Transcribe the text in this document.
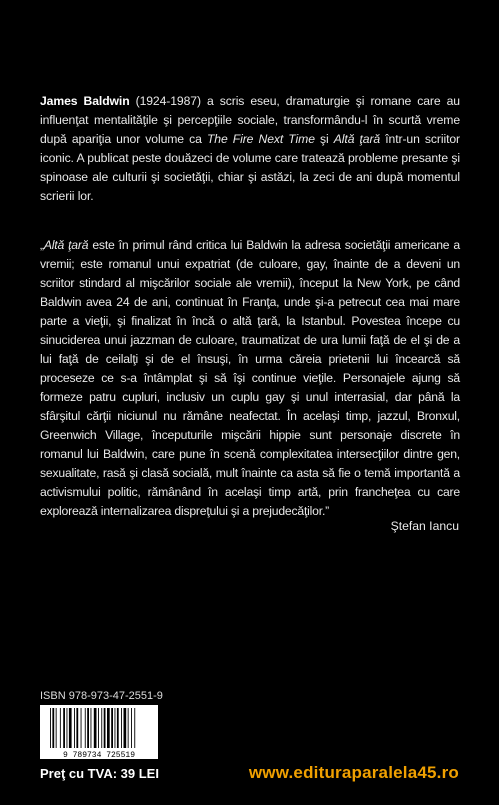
James Baldwin (1924-1987) a scris eseu, dramaturgie şi romane care au influenţat mentalităţile şi percepţiile sociale, transformându-l în scurtă vreme după apariţia unor volume ca The Fire Next Time şi Altă ţară într-un scriitor iconic. A publicat peste douăzeci de volume care tratează probleme presante şi spinoase ale culturii şi societăţii, chiar şi astăzi, la zeci de ani după momentul scrierii lor.
„Altă ţară este în primul rând critica lui Baldwin la adresa societăţii americane a vremii; este romanul unui expatriat (de culoare, gay, înainte de a deveni un scriitor stindard al mişcărilor sociale ale vremii), început la New York, pe când Baldwin avea 24 de ani, continuat în Franţa, unde şi-a petrecut cea mai mare parte a vieţii, şi finalizat în încă o altă ţară, la Istanbul. Povestea începe cu sinuciderea unui jazzman de culoare, traumatizat de ura lumii faţă de el şi de a lui faţă de ceilalţi şi de el însuşi, în urma căreia prietenii lui încearcă să proceseze ce s-a întâmplat şi să îşi continue vieţile. Personajele ajung să formeze patru cupluri, inclusiv un cuplu gay şi unul interrasial, dar până la sfârşitul cărţii niciunul nu rămâne neafectat. În acelaşi timp, jazzul, Bronxul, Greenwich Village, începuturile mişcării hippie sunt personaje discrete în romanul lui Baldwin, care pune în scenă complexitatea intersecţiilor dintre gen, sexualitate, rasă şi clasă socială, mult înainte ca asta să fie o temă importantă a activismului politic, rămânând în acelaşi timp artă, prin francheţea cu care explorează internalizarea dispreţului şi a prejudecăţilor.”
Ştefan Iancu
ISBN 978-973-47-2551-9
9 789734 725519
Preţ cu TVA: 39 LEI	www.edituraparalela45.ro
